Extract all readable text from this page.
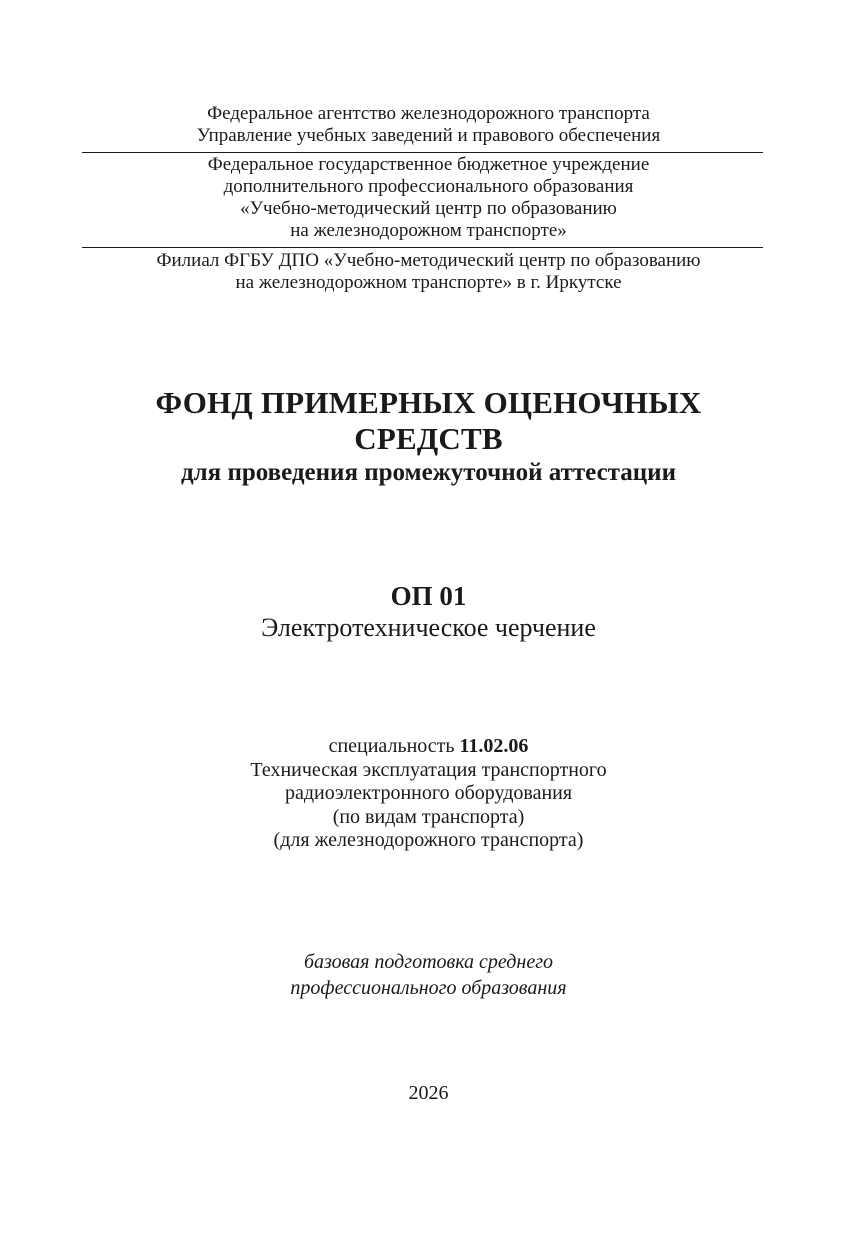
Федеральное агентство железнодорожного транспорта
Управление учебных заведений и правового обеспечения
Федеральное государственное бюджетное учреждение
дополнительного профессионального образования
«Учебно-методический центр по образованию
на железнодорожном транспорте»
Филиал ФГБУ ДПО «Учебно-методический центр по образованию
на железнодорожном транспорте» в г. Иркутске
ФОНД ПРИМЕРНЫХ ОЦЕНОЧНЫХ
СРЕДСТВ
для проведения промежуточной аттестации
ОП 01
Электротехническое черчение
специальность 11.02.06
Техническая эксплуатация транспортного
радиоэлектронного оборудования
(по видам транспорта)
(для железнодорожного транспорта)
базовая подготовка среднего
профессионального образования
2026
